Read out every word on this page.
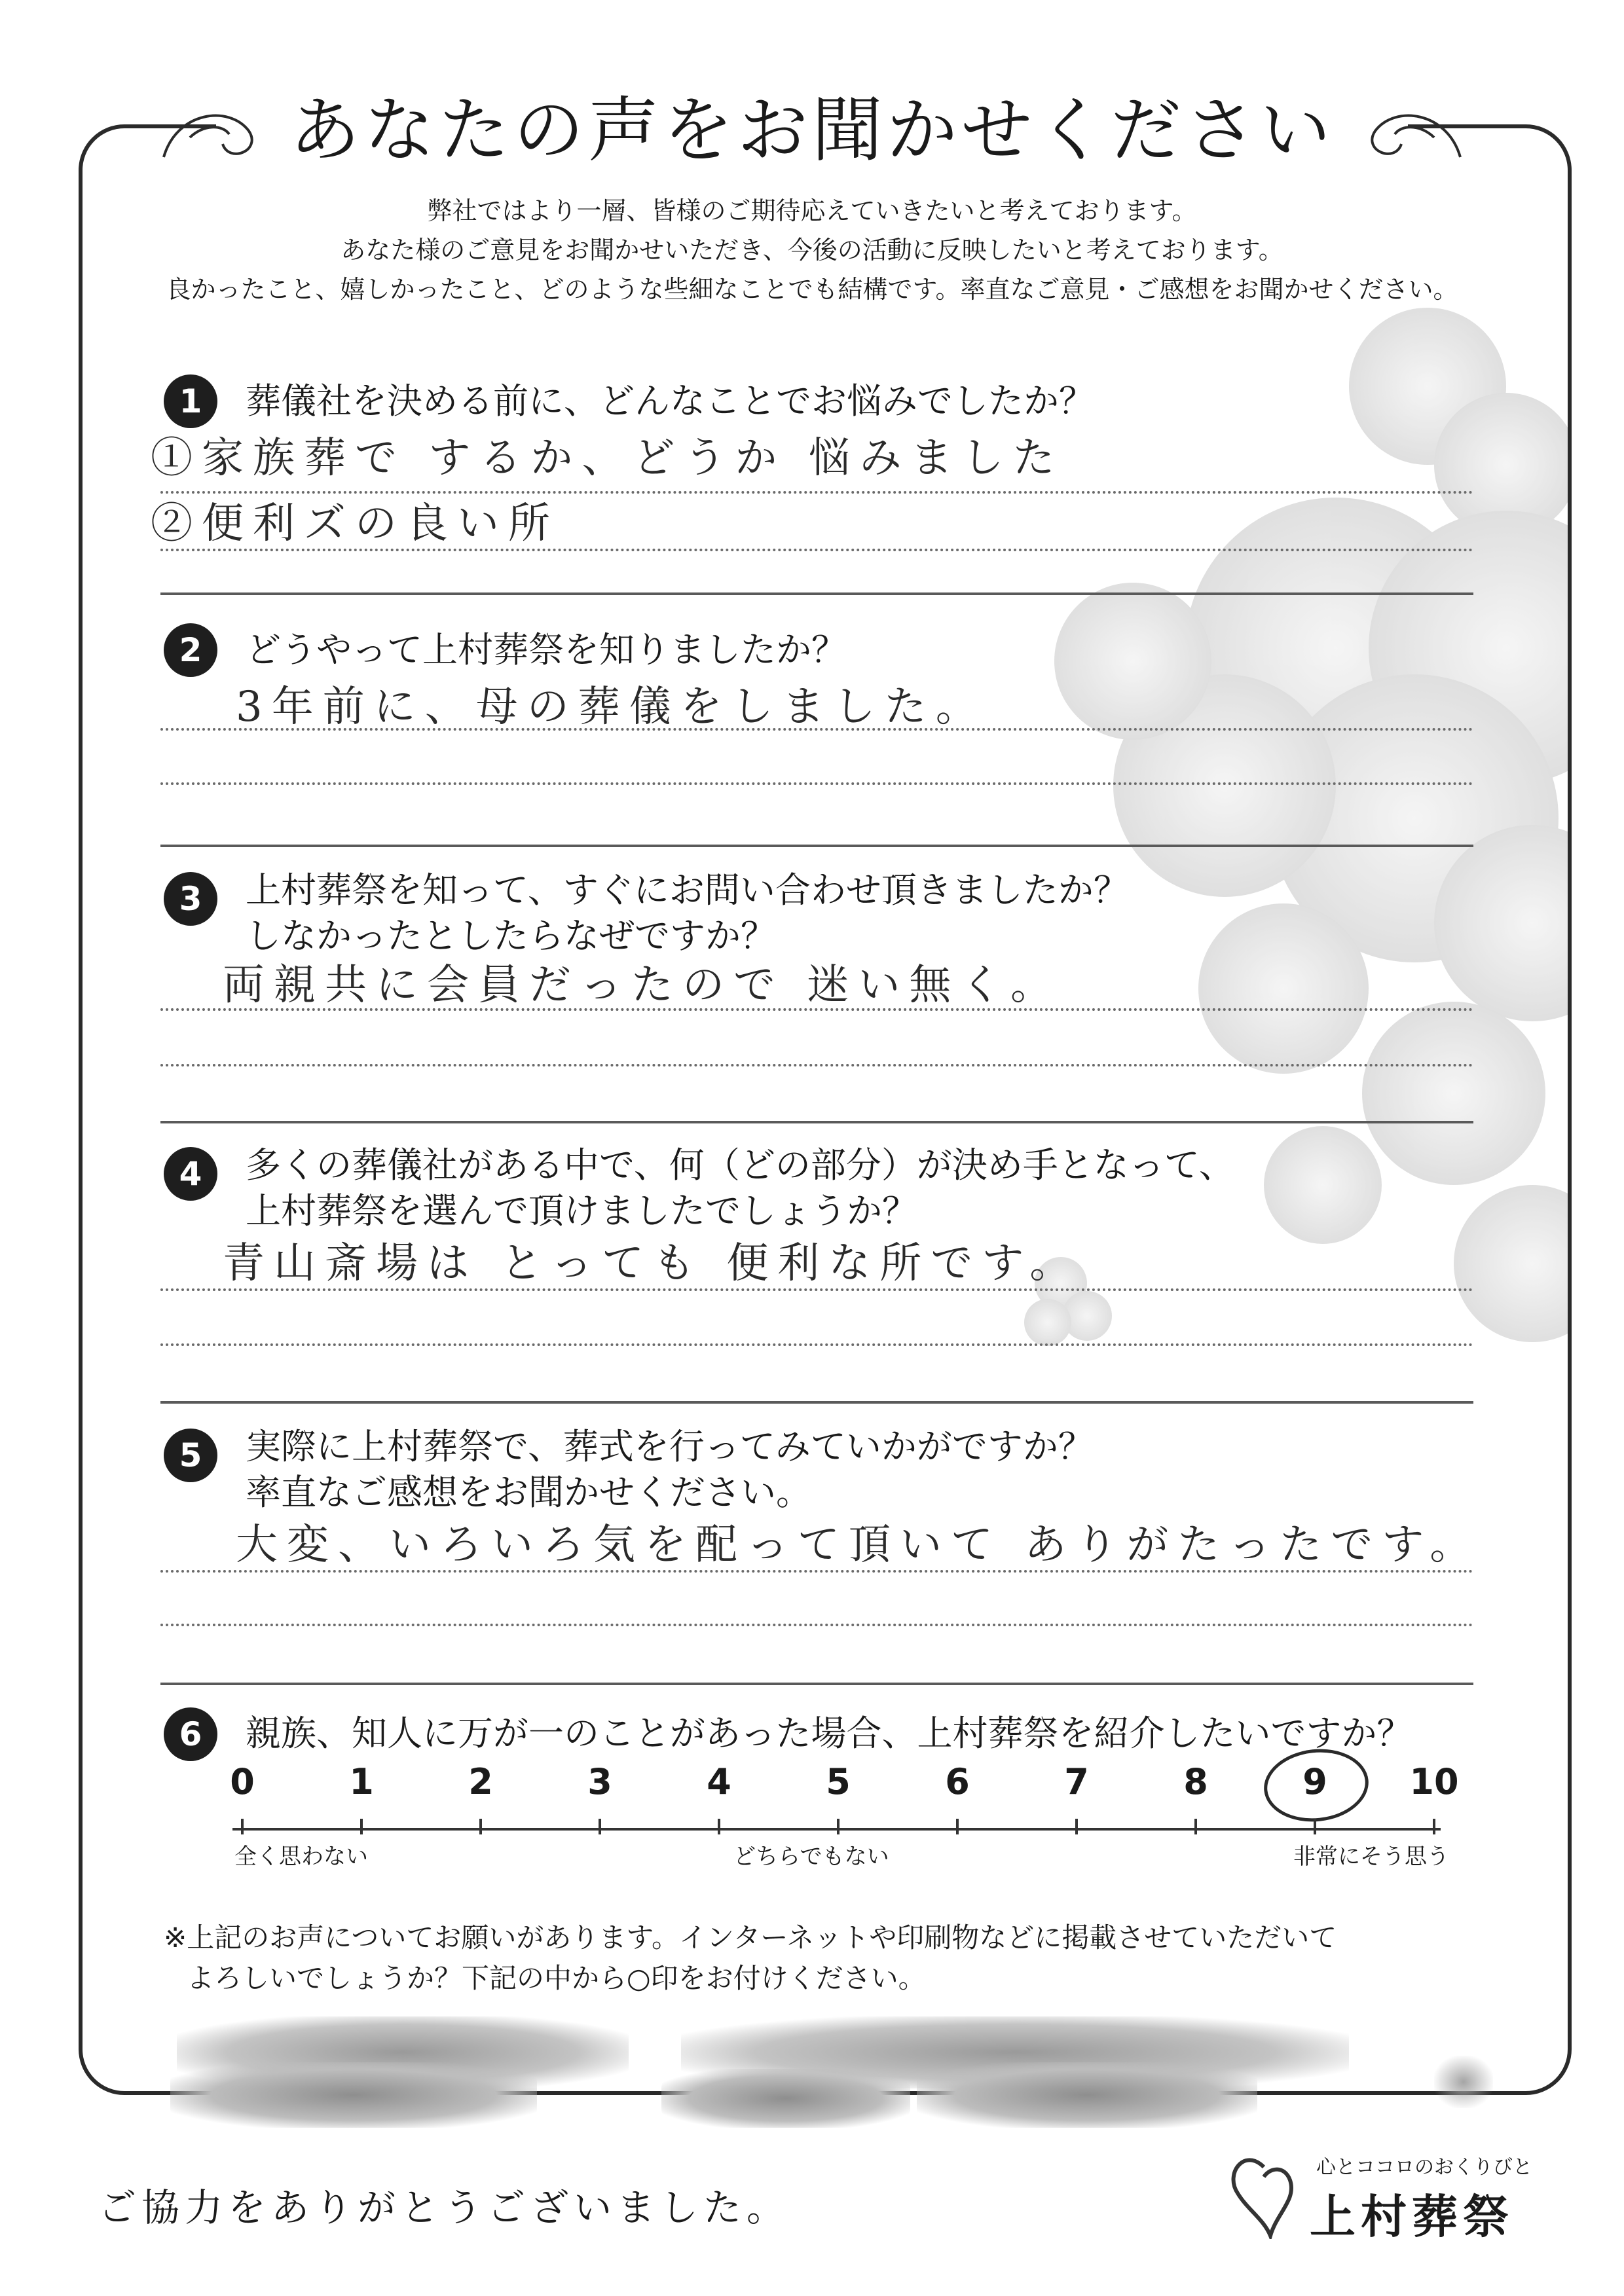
あなたの声をお聞かせください
弊社ではより一層、皆様のご期待応えていきたいと考えております。
あなた様のご意見をお聞かせいただき、今後の活動に反映したいと考えております。
良かったこと、嬉しかったこと、どのような些細なことでも結構です。率直なご意見・ご感想をお聞かせください。
1	葬儀社を決める前に、どんなことでお悩みでしたか？
①家族葬で するか、どうか 悩みました
②便利ズの良い所
2	どうやって上村葬祭を知りましたか？
3年前に、母の葬儀をしました。
3	上村葬祭を知って、すぐにお問い合わせ頂きましたか？
しなかったとしたらなぜですか？
両親共に会員だったので 迷い無く。
4	多くの葬儀社がある中で、何（どの部分）が決め手となって、
上村葬祭を選んで頂けましたでしょうか？
青山斎場は とっても 便利な所です。
5	実際に上村葬祭で、葬式を行ってみていかがですか？
率直なご感想をお聞かせください。
大変、いろいろ気を配って頂いて ありがたったです。
6	親族、知人に万が一のことがあった場合、上村葬祭を紹介したいですか？
全く思わない	どちらでもない	非常にそう思う
※上記のお声についてお願いがあります。インターネットや印刷物などに掲載させていただいて
よろしいでしょうか？下記の中から○印をお付けください。
ご協力をありがとうございました。
心とココロのおくりびと
上村葬祭
0	1	2	3	4	5	6	7	8	9	10
